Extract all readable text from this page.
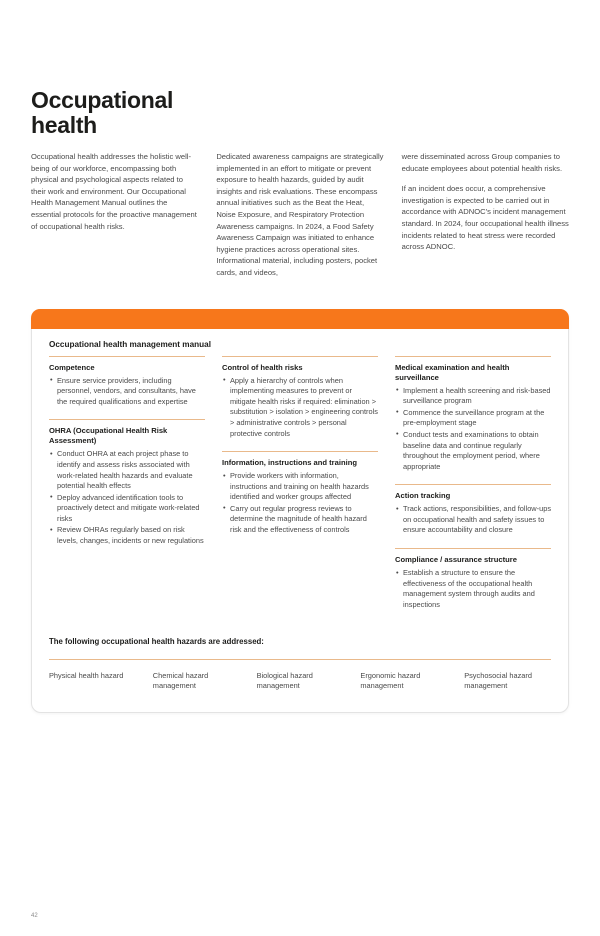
Occupational
health

Occupational health addresses the holistic well-being of our workforce, encompassing both physical and psychological aspects related to their work and environment. Our Occupational Health Management Manual outlines the essential protocols for the proactive management of occupational health risks.

Dedicated awareness campaigns are strategically implemented in an effort to mitigate or prevent exposure to health hazards, guided by audit insights and risk evaluations. These encompass annual initiatives such as the Beat the Heat, Noise Exposure, and Respiratory Protection Awareness campaigns. In 2024, a Food Safety Awareness Campaign was initiated to enhance hygiene practices across operational sites. Informational material, including posters, pocket cards, and videos,

were disseminated across Group companies to educate employees about potential health risks.

If an incident does occur, a comprehensive investigation is expected to be carried out in accordance with ADNOC's incident management standard. In 2024, four occupational health illness incidents related to heat stress were recorded across ADNOC.

Occupational health management manual
Competence
• Ensure service providers, including personnel, vendors, and consultants, have the required qualifications and expertise
OHRA (Occupational Health Risk Assessment)
• Conduct OHRA at each project phase to identify and assess risks associated with work-related health hazards and evaluate potential health effects
• Deploy advanced identification tools to proactively detect and mitigate work-related risks
• Review OHRAs regularly based on risk levels, changes, incidents or new regulations
Control of health risks
• Apply a hierarchy of controls when implementing measures to prevent or mitigate health risks if required: elimination > substitution > isolation > engineering controls > administrative controls > personal protective controls
Information, instructions and training
• Provide workers with information, instructions and training on health hazards identified and worker groups affected
• Carry out regular progress reviews to determine the magnitude of health hazard risk and the effectiveness of controls
Medical examination and health surveillance
• Implement a health screening and risk-based surveillance program
• Commence the surveillance program at the pre-employment stage
• Conduct tests and examinations to obtain baseline data and continue regularly throughout the employment period, where appropriate
Action tracking
• Track actions, responsibilities, and follow-ups on occupational health and safety issues to ensure accountability and closure
Compliance / assurance structure
• Establish a structure to ensure the effectiveness of the occupational health management system through audits and inspections
The following occupational health hazards are addressed:
Physical health hazard	Chemical hazard management
Biological hazard management
Ergonomic hazard management
Psychosocial hazard management
42
